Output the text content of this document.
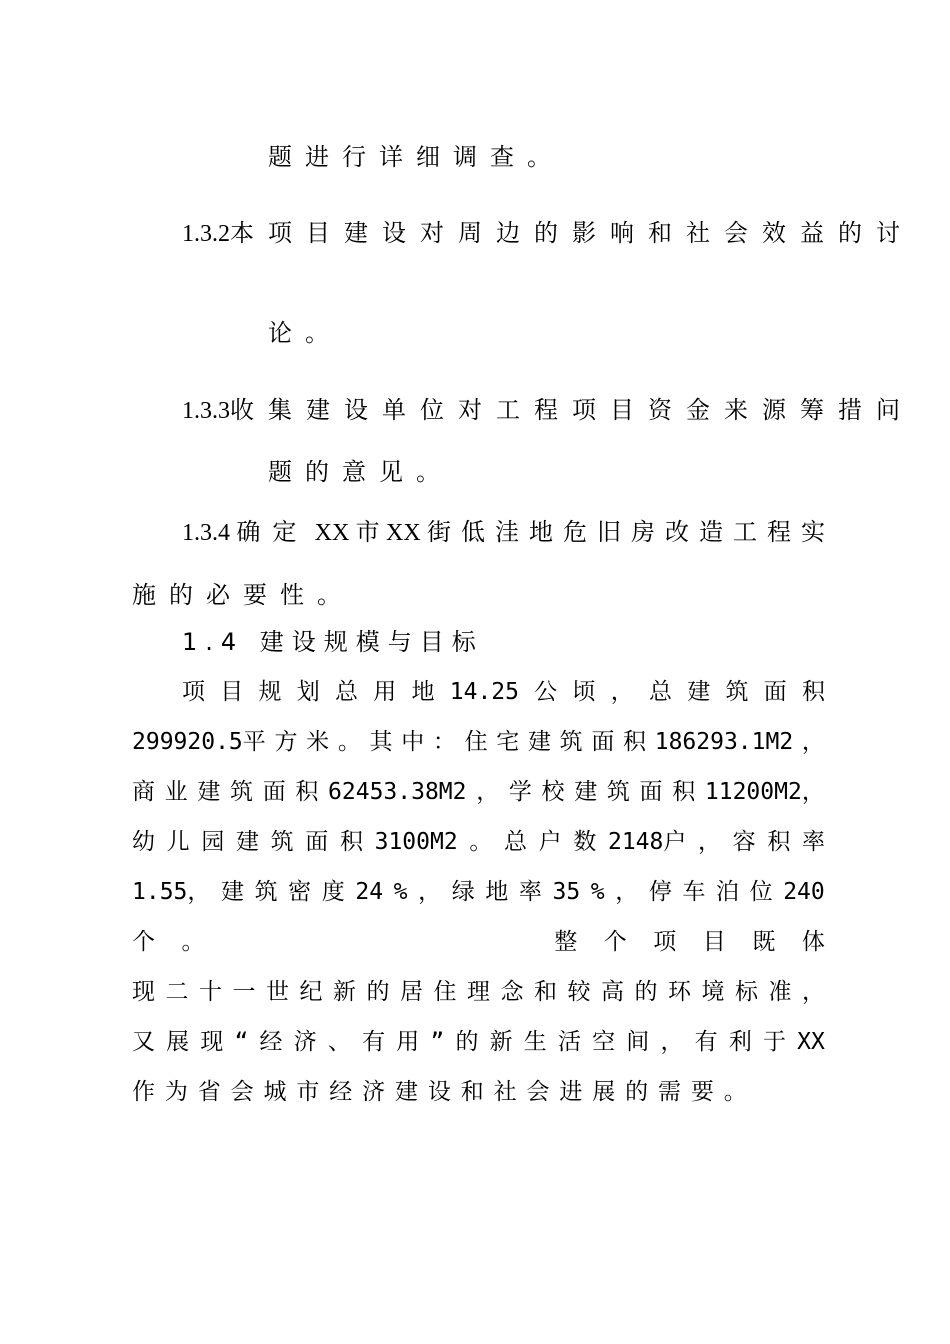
题进行详细调查。
1.3.2 本项目建设对周边的影响和社会效益的讨
论。
1.3.3 收集建设单位对工程项目资金来源筹措问
题的意见。
1.3.4 确定 XX 市 XX 街低洼地危旧房改造工程实
施的必要性。
1.4 建设规模与目标
项 目 规 划 总 用 地 14.25 公 顷 ， 总 建 筑 面 积
299920.5平 方 米 。 其 中 ： 住 宅 建 筑 面 积 186293.1M2 ，
商 业 建 筑 面 积 62453.38M2 ， 学 校 建 筑 面 积 11200M2，
幼 儿 园 建 筑 面 积 3100M2 。 总 户 数 2148户 ， 容 积 率
1.55， 建 筑 密 度 24 % ， 绿 地 率 35 % ， 停 车 泊 位 240
个 。

	整 个 项 目 既 体
现 二 十 一 世 纪 新 的 居 住 理 念 和 较 高 的 环 境 标 准 ，
又 展 现 “ 经 济 、 有 用 ” 的 新 生 活 空 间 ， 有 利 于 XX
作 为 省 会 城 市 经 济 建 设 和 社 会 进 展 的 需 要 。
